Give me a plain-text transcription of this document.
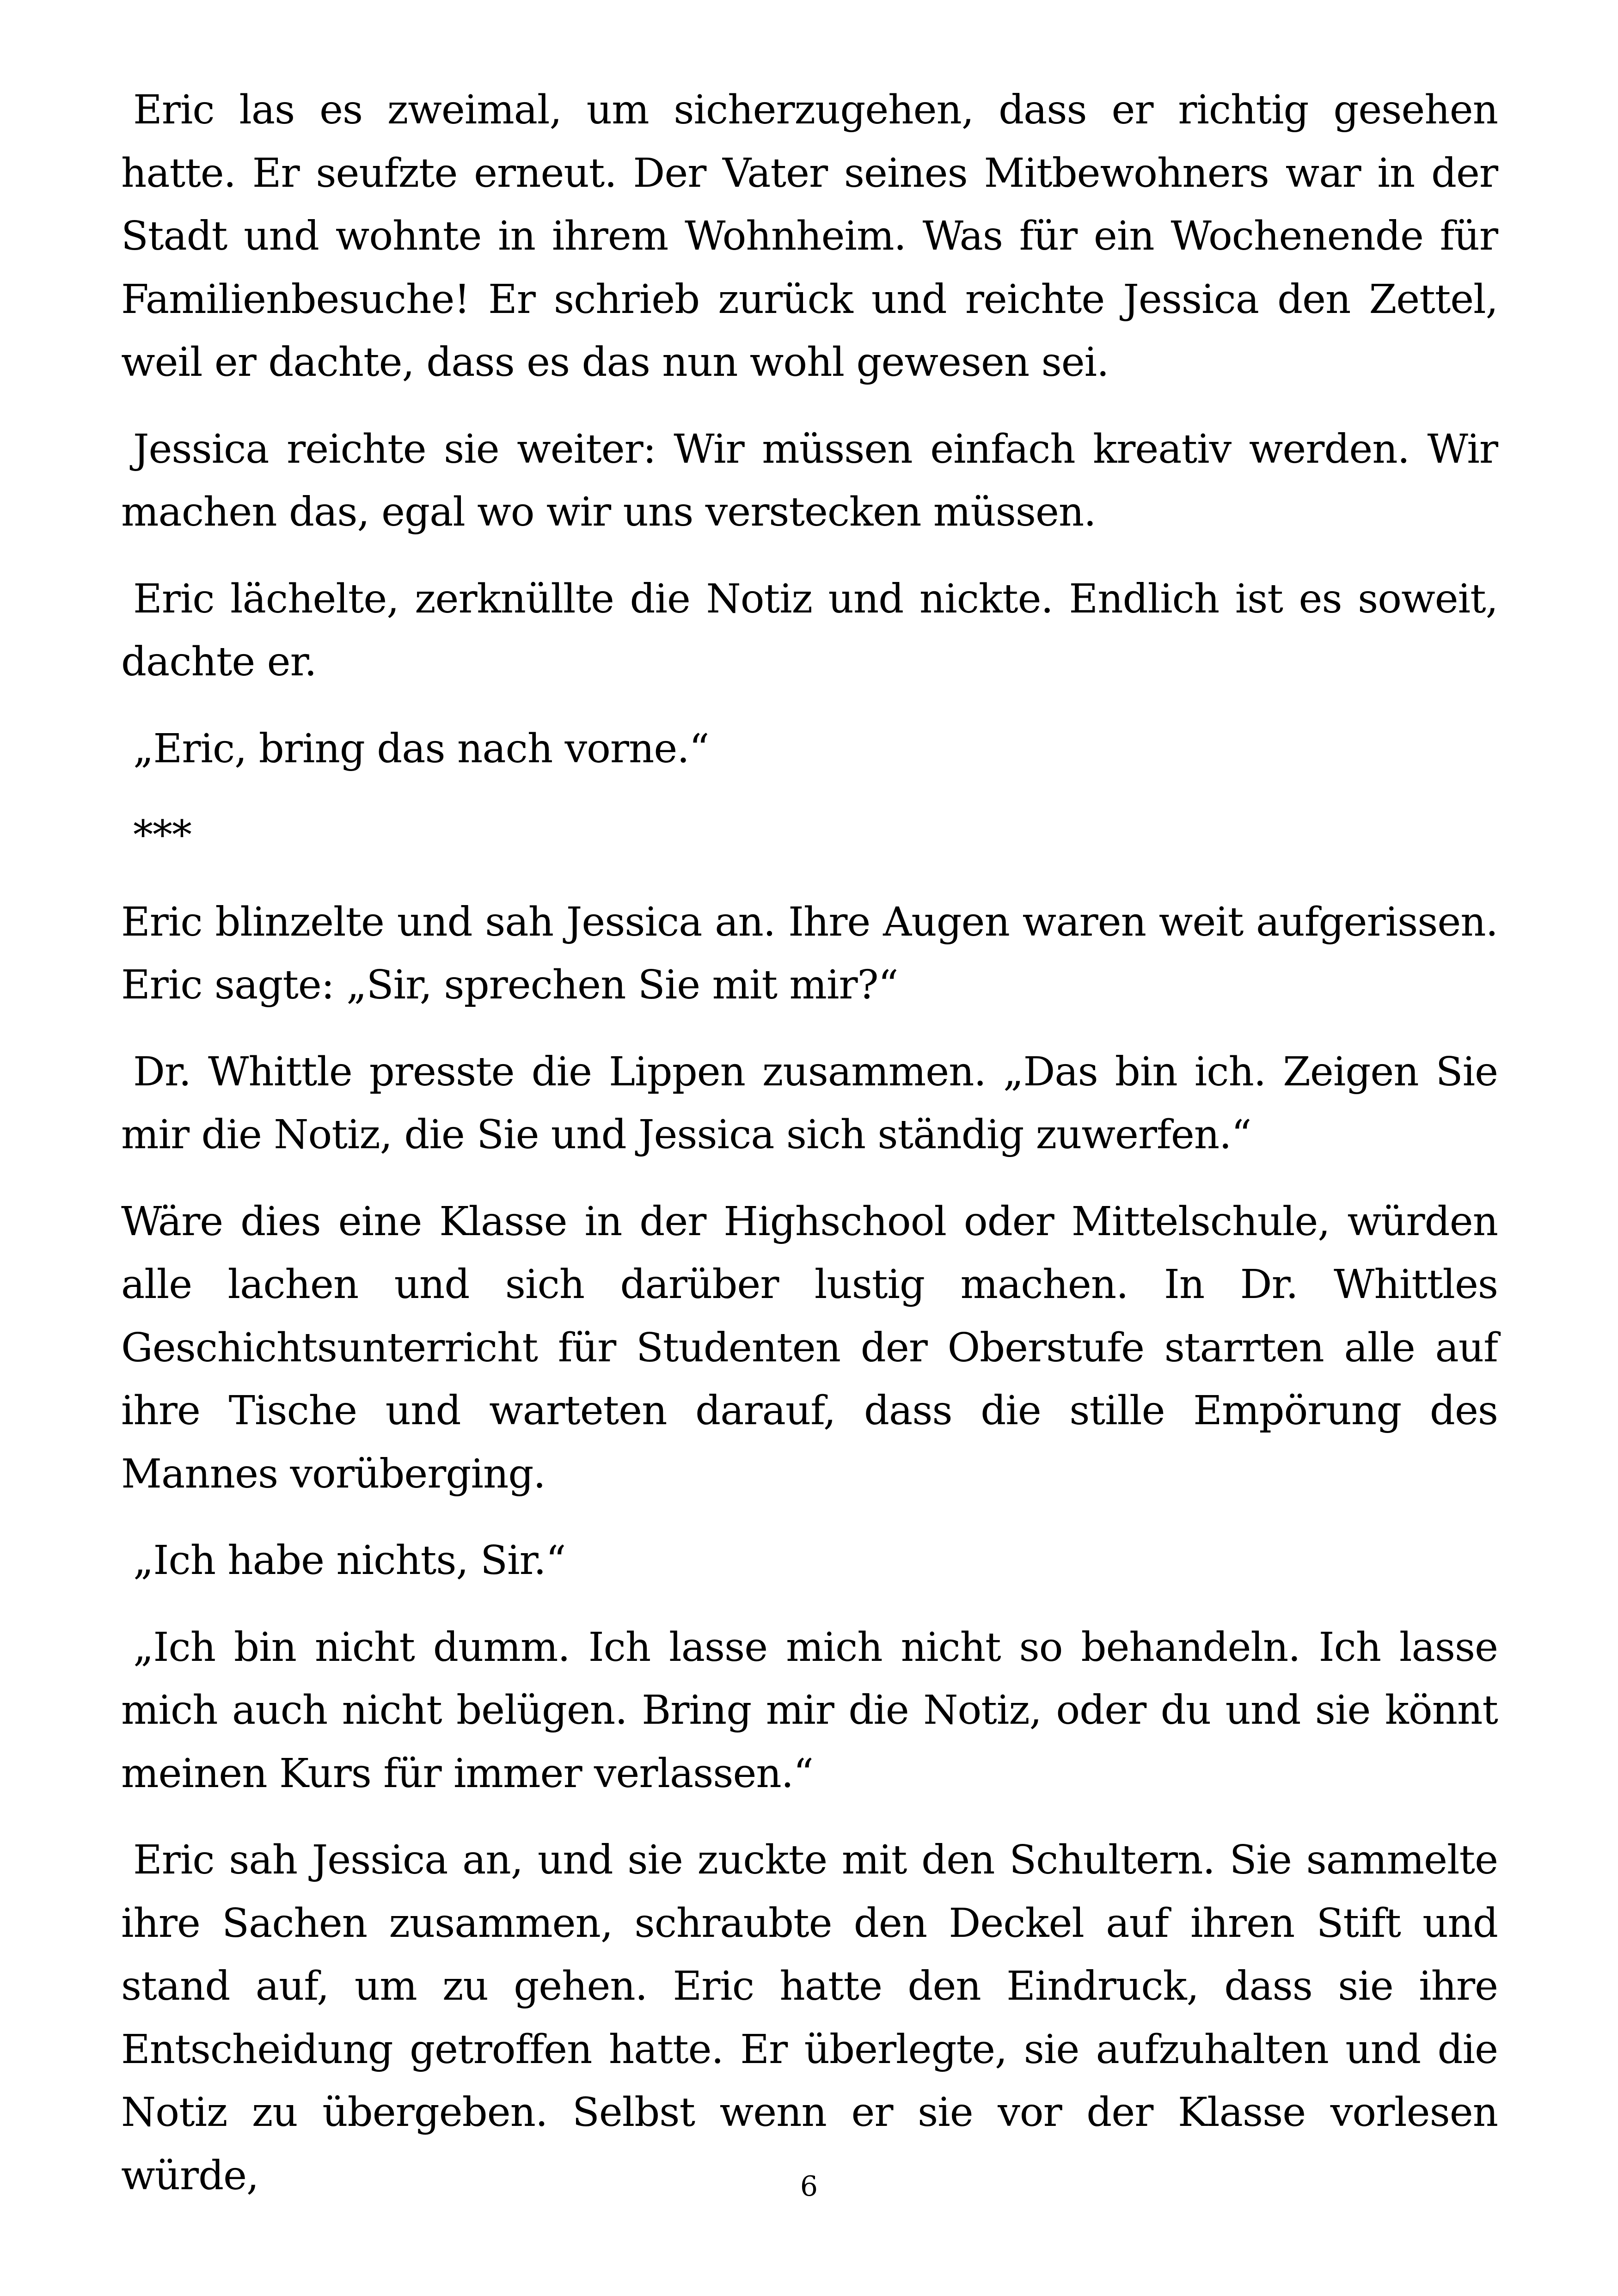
Eric las es zweimal, um sicherzugehen, dass er richtig gesehen hatte. Er seufzte erneut. Der Vater seines Mitbewohners war in der Stadt und wohnte in ihrem Wohnheim. Was für ein Wochenende für Familienbesuche! Er schrieb zurück und reichte Jessica den Zettel, weil er dachte, dass es das nun wohl gewesen sei.

Jessica reichte sie weiter: Wir müssen einfach kreativ werden. Wir machen das, egal wo wir uns verstecken müssen.

Eric lächelte, zerknüllte die Notiz und nickte. Endlich ist es soweit, dachte er.

„Eric, bring das nach vorne.“

***

Eric blinzelte und sah Jessica an. Ihre Augen waren weit aufgerissen. Eric sagte: „Sir, sprechen Sie mit mir?“

Dr. Whittle presste die Lippen zusammen. „Das bin ich. Zeigen Sie mir die Notiz, die Sie und Jessica sich ständig zuwerfen.“

Wäre dies eine Klasse in der Highschool oder Mittelschule, würden alle lachen und sich darüber lustig machen. In Dr. Whittles Geschichtsunterricht für Studenten der Oberstufe starrten alle auf ihre Tische und warteten darauf, dass die stille Empörung des Mannes vorüberging.

„Ich habe nichts, Sir.“

„Ich bin nicht dumm. Ich lasse mich nicht so behandeln. Ich lasse mich auch nicht belügen. Bring mir die Notiz, oder du und sie könnt meinen Kurs für immer verlassen.“

Eric sah Jessica an, und sie zuckte mit den Schultern. Sie sammelte ihre Sachen zusammen, schraubte den Deckel auf ihren Stift und stand auf, um zu gehen. Eric hatte den Eindruck, dass sie ihre Entscheidung getroffen hatte. Er überlegte, sie aufzuhalten und die Notiz zu übergeben. Selbst wenn er sie vor der Klasse vorlesen würde,	6
